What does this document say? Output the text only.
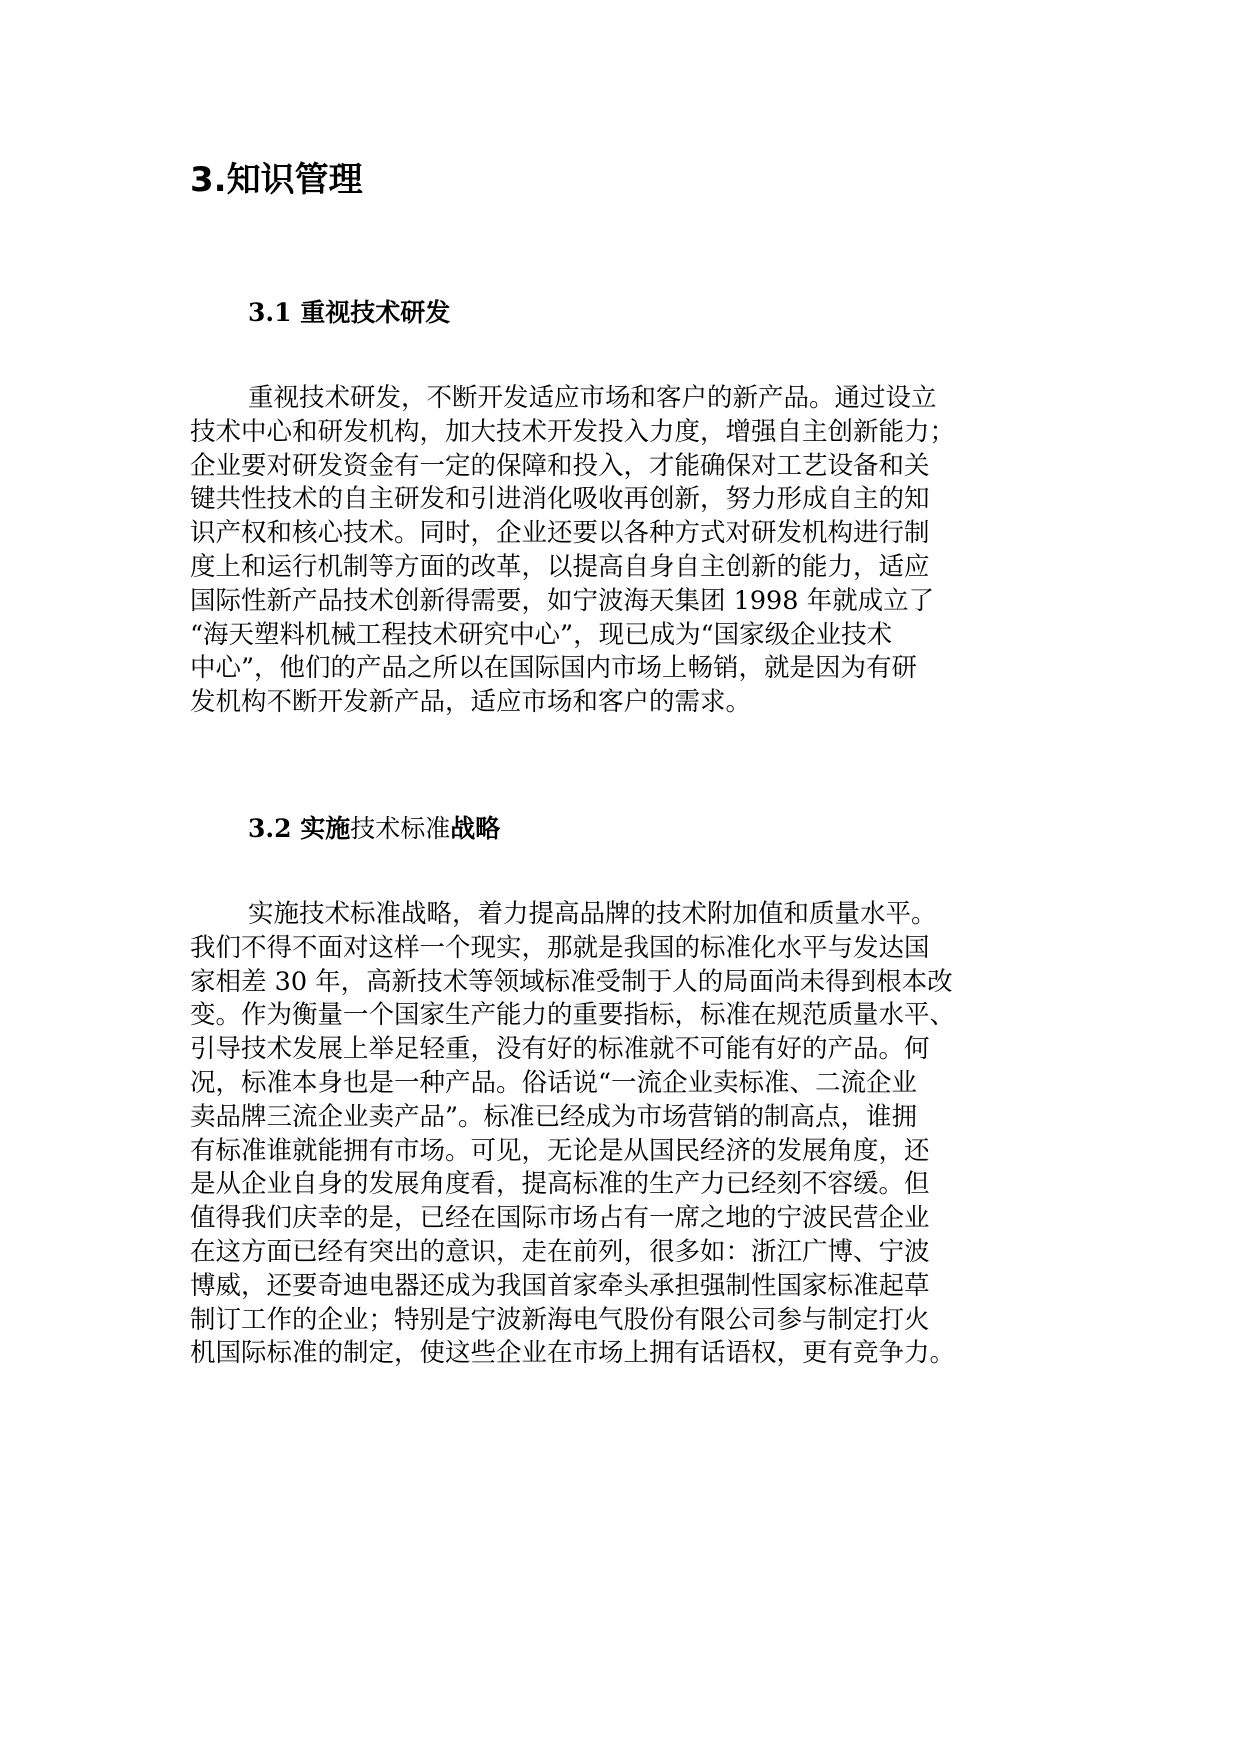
3.知识管理
3.1 重视技术研发
重视技术研发，不断开发适应市场和客户的新产品。通过设立
技术中心和研发机构，加大技术开发投入力度，增强自主创新能力；
企业要对研发资金有一定的保障和投入，才能确保对工艺设备和关
键共性技术的自主研发和引进消化吸收再创新，努力形成自主的知
识产权和核心技术。同时，企业还要以各种方式对研发机构进行制
度上和运行机制等方面的改革，以提高自身自主创新的能力，适应
国际性新产品技术创新得需要，如宁波海天集团 1998 年就成立了
“海天塑料机械工程技术研究中心”，现已成为“国家级企业技术
中心”，他们的产品之所以在国际国内市场上畅销，就是因为有研
发机构不断开发新产品，适应市场和客户的需求。
3.2 实施技术标准战略
实施技术标准战略，着力提高品牌的技术附加值和质量水平。
我们不得不面对这样一个现实，那就是我国的标准化水平与发达国
家相差 30 年，高新技术等领域标准受制于人的局面尚未得到根本改
变。作为衡量一个国家生产能力的重要指标，标准在规范质量水平、
引导技术发展上举足轻重，没有好的标准就不可能有好的产品。何
况，标准本身也是一种产品。俗话说“一流企业卖标准、二流企业
卖品牌三流企业卖产品”。标准已经成为市场营销的制高点，谁拥
有标准谁就能拥有市场。可见，无论是从国民经济的发展角度，还
是从企业自身的发展角度看，提高标准的生产力已经刻不容缓。但
值得我们庆幸的是，已经在国际市场占有一席之地的宁波民营企业
在这方面已经有突出的意识，走在前列，很多如：浙江广博、宁波
博威，还要奇迪电器还成为我国首家牵头承担强制性国家标准起草
制订工作的企业；特别是宁波新海电气股份有限公司参与制定打火
机国际标准的制定，使这些企业在市场上拥有话语权，更有竞争力。
